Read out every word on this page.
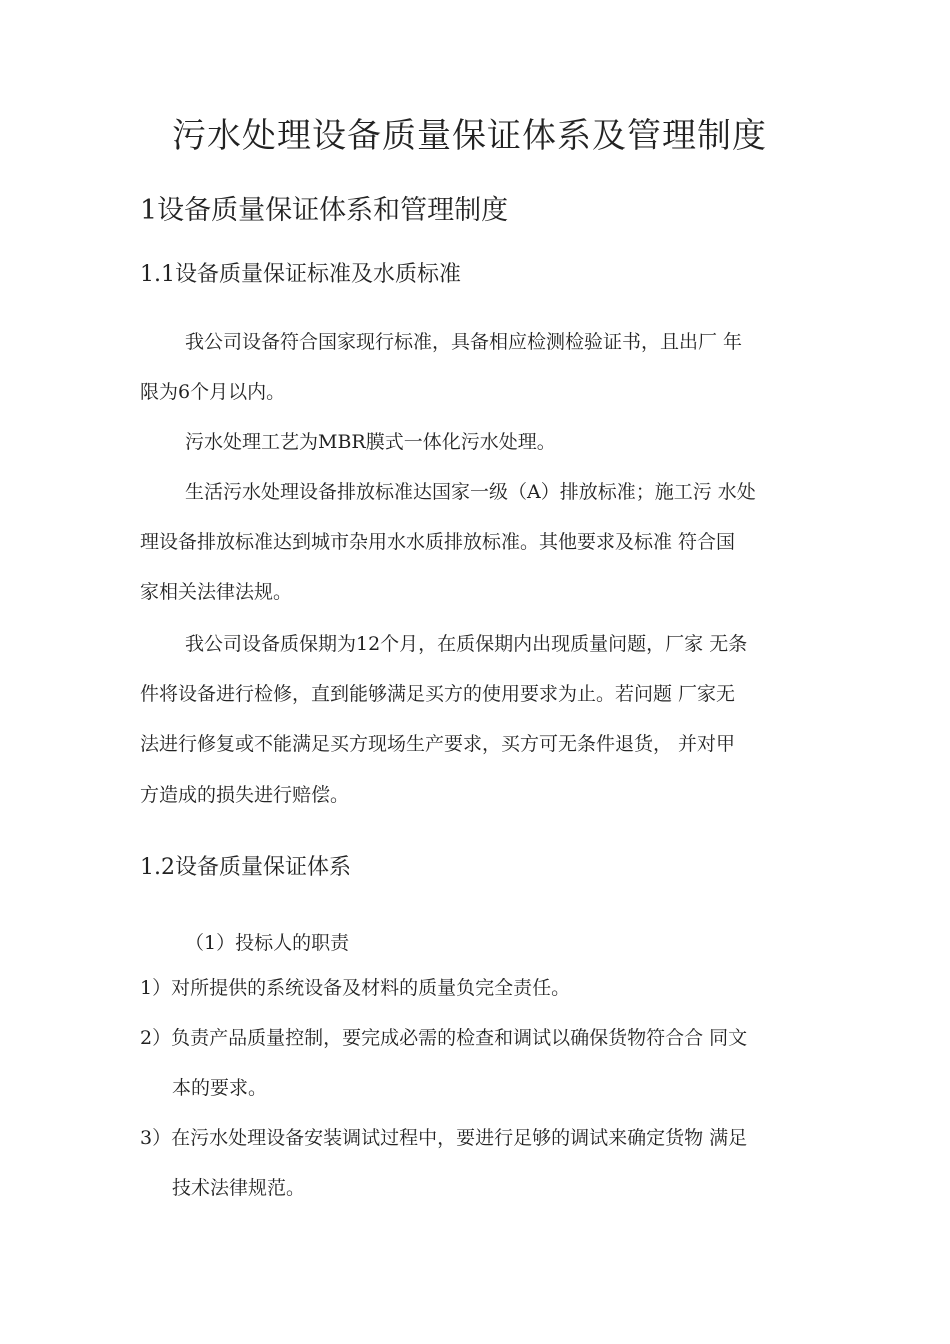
污水处理设备质量保证体系及管理制度
1设备质量保证体系和管理制度
1.1设备质量保证标准及水质标准
我公司设备符合国家现行标准，具备相应检测检验证书，且出厂 年
限为6个月以内。
污水处理工艺为MBR膜式一体化污水处理。
生活污水处理设备排放标准达国家一级（A）排放标准；施工污 水处
理设备排放标准达到城市杂用水水质排放标准。其他要求及标准 符合国
家相关法律法规。
我公司设备质保期为12个月，在质保期内出现质量问题，厂家 无条
件将设备进行检修，直到能够满足买方的使用要求为止。若问题 厂家无
法进行修复或不能满足买方现场生产要求，买方可无条件退货， 并对甲
方造成的损失进行赔偿。
1.2设备质量保证体系
（1）投标人的职责
1）对所提供的系统设备及材料的质量负完全责任。
2）负责产品质量控制，要完成必需的检查和调试以确保货物符合合 同文
本的要求。
3）在污水处理设备安装调试过程中，要进行足够的调试来确定货物 满足
技术法律规范。
